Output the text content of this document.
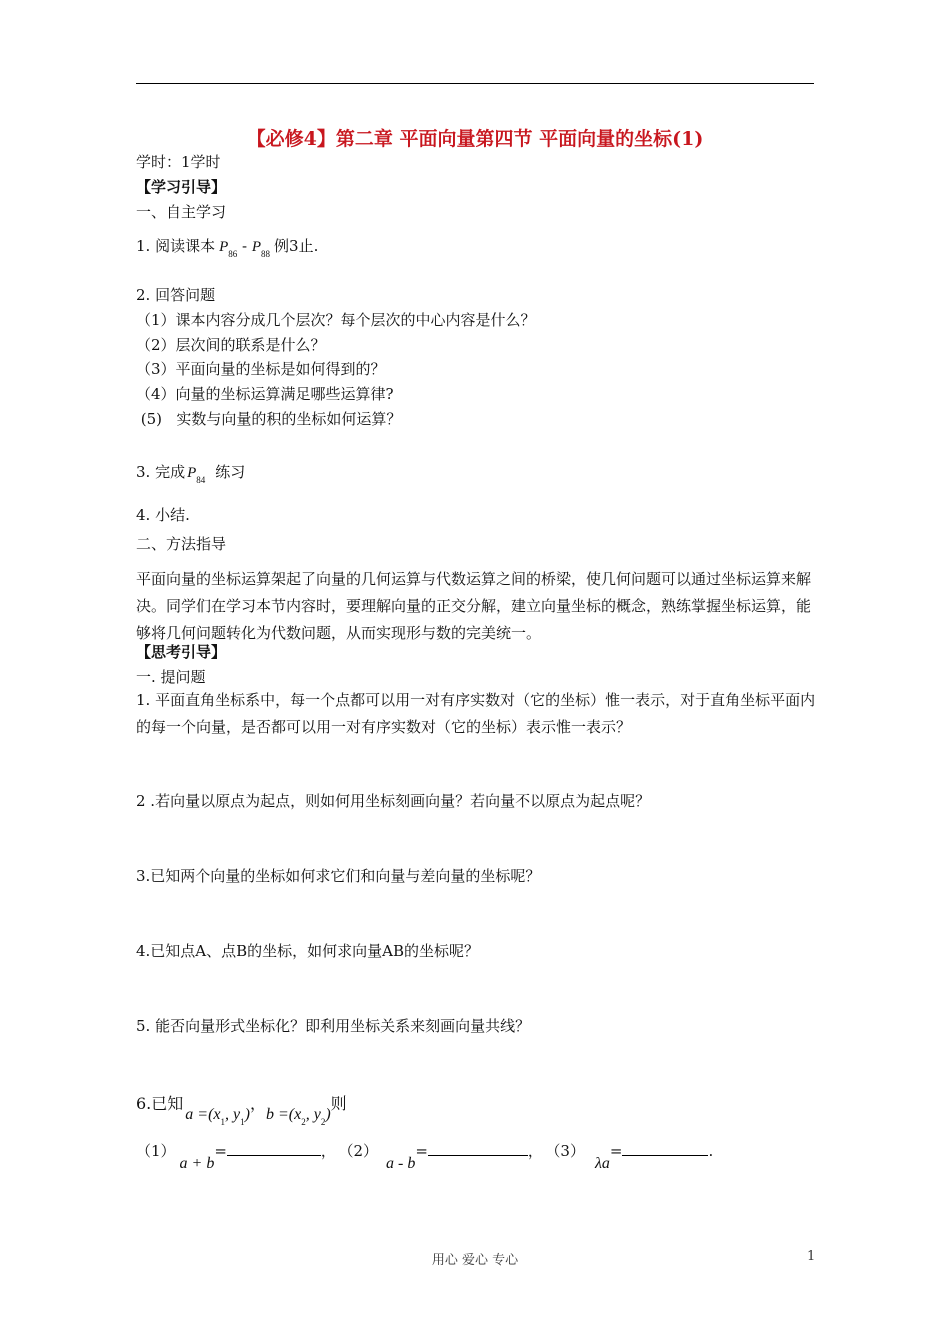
【必修4】第二章 平面向量第四节 平面向量的坐标(1)
学时：1学时
【学习引导】
一、自主学习
1. 阅读课本 $P_{86} - P_{88}$ 例3止.
2. 回答问题
（1）课本内容分成几个层次？每个层次的中心内容是什么？
（2）层次间的联系是什么？
（3）平面向量的坐标是如何得到的？
（4）向量的坐标运算满足哪些运算律?
(5)   实数与向量的积的坐标如何运算？
3. 完成 $P_{84}$ 练习
4. 小结.
二、方法指导
平面向量的坐标运算架起了向量的几何运算与代数运算之间的桥梁，使几何问题可以通过坐标运算来解决。同学们在学习本节内容时，要理解向量的正交分解，建立向量坐标的概念，熟练掌握坐标运算，能够将几何问题转化为代数问题，从而实现形与数的完美统一。
【思考引导】
一. 提问题
1. 平面直角坐标系中，每一个点都可以用一对有序实数对（它的坐标）惟一表示，对于直角坐标平面内的每一个向量，是否都可以用一对有序实数对（它的坐标）表示惟一表示？
2 .若向量以原点为起点，则如何用坐标刻画向量？若向量不以原点为起点呢？
3.已知两个向量的坐标如何求它们和向量与差向量的坐标呢？
4.已知点A、点B的坐标，如何求向量AB的坐标呢？
5. 能否向量形式坐标化？即利用坐标关系来刻画向量共线？
6.已知$a =(x_1$, $y_1$)，$b =(x_2$, $y_2$)则
（1）a + b=	， （2）a - b=	， （3）λa=	.
用心 爱心 专心	1
